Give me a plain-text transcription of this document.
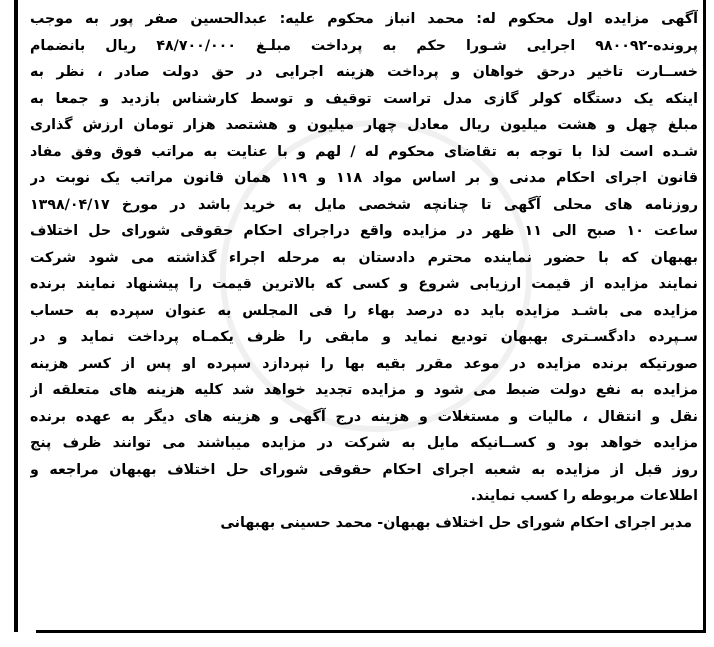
آگهی مزایده اول محکوم له: محمد انباز محکوم علیه: عبدالحسین صفر پور به موجب
پرونده-۹۸۰۰۹۲ اجرایی شـورا حکم به پرداخت مبلـغ ۴۸/۷۰۰/۰۰۰ ریال بانضمام
خســارت تاخیر درحق خواهان و پرداخت هزینه اجرایی در حق دولت صادر ، نظر به
اینکه یک دستگاه کولر گازی مدل تراست توقیف و توسط کارشناس بازدید و جمعا به
مبلغ چهل و هشت میلیون ریال معادل چهار میلیون و هشتصد هزار تومان ارزش گذاری
شـده است لذا با توجه به تقاضای محکوم له / لهم و با عنایت به مراتب فوق وفق مفاد
قانون اجرای احکام مدنی و بر اساس مواد ۱۱۸ و ۱۱۹ همان قانون مراتب یک نوبت در
روزنامه های محلی آگهی تا چنانچه شخصی مایل به خرید باشد در مورخ ۱۳۹۸/۰۴/۱۷
ساعت ۱۰ صبح الی ۱۱ ظهر در مزایده واقع دراجرای احکام حقوقی شورای حل اختلاف
بهبهان که با حضور نماینده محترم دادستان به مرحله اجراء گذاشته می شود شرکت
نمایند مزایده از قیمت ارزیابی شروع و کسی که بالاترین قیمت را پیشنهاد نمایند برنده
مزایده می باشـد مزایده باید ده درصد بهاء را فی المجلس به عنوان سپرده به حساب
سـپرده دادگسـتری بهبهان تودیع نماید و مابقی را ظرف یکمـاه پرداخت نماید و در
صورتیکه برنده مزایده در موعد مقرر بقیه بها را نپردازد سپرده او پس از کسر هزینه
مزایده به نفع دولت ضبط می شود و مزایده تجدید خواهد شد کلیه هزینه های متعلقه از
نقل و انتقال ، مالیات و مستغلات و هزینه درج آگهی و هزینه های دیگر به عهده برنده
مزایده خواهد بود و کســانیکه مایل به شرکت در مزایده میباشند می توانند ظرف پنج
روز قبل از مزایده به شعبه اجرای احکام حقوقی شورای حل اختلاف بهبهان مراجعه و
اطلاعات مربوطه را کسب نمایند.
مدیر اجرای احکام شورای حل اختلاف بهبهان- محمد حسینی بهبهانی
